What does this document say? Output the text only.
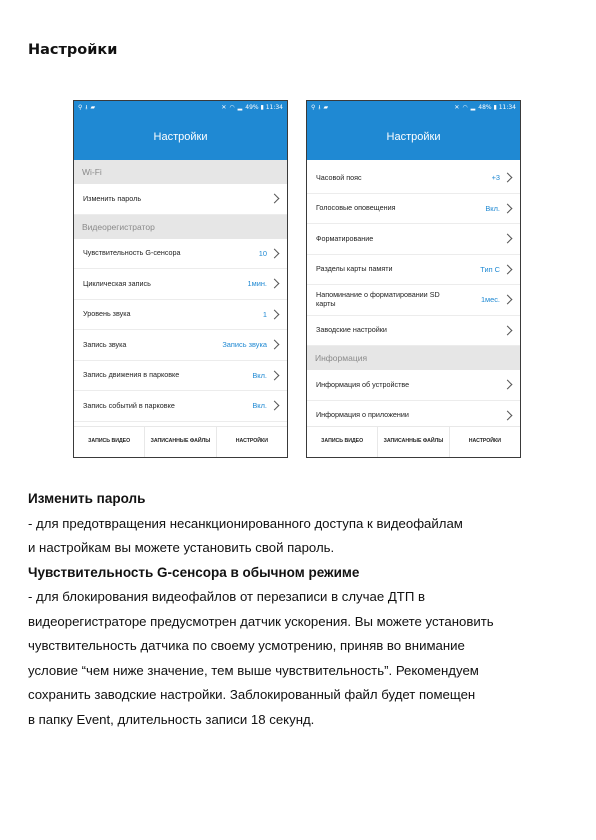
Настройки
⚲ ⭳ ▰	✕ ◠ ▂ 49% ▮ 11:34
Настройки
Wi-Fi
Изменить пароль
Видеорегистратор
Чувствительность G-сенсора	10
Циклическая запись	1мин.
Уровень звука	1
Запись звука	Запись звука
Запись движения в парковке	Вкл.
Запись событий в парковке	Вкл.
ЗАПИСЬ ВИДЕО	ЗАПИСАННЫЕ ФАЙЛЫ	НАСТРОЙКИ
⚲ ⭳ ▰	✕ ◠ ▂ 48% ▮ 11:34
Настройки
Часовой пояс	+3
Голосовые оповещения	Вкл.
Форматирование
Разделы карты памяти	Тип C
Напоминание о форматировании SD карты	1мес.
Заводские настройки
Информация
Информация об устройстве
Информация о приложении
ЗАПИСЬ ВИДЕО	ЗАПИСАННЫЕ ФАЙЛЫ	НАСТРОЙКИ

Изменить пароль

- для предотвращения несанкционированного доступа к видеофайлам

и настройкам вы можете установить свой пароль.

Чувствительность G-сенсора в обычном режиме

- для блокирования видеофайлов от перезаписи в случае ДТП в

видеорегистраторе предусмотрен датчик ускорения. Вы можете установить

чувствительность датчика по своему усмотрению, приняв во внимание

условие “чем ниже значение, тем выше чувствительность”. Рекомендуем

сохранить заводские настройки. Заблокированный файл будет помещен

в папку Event, длительность записи 18 секунд.
